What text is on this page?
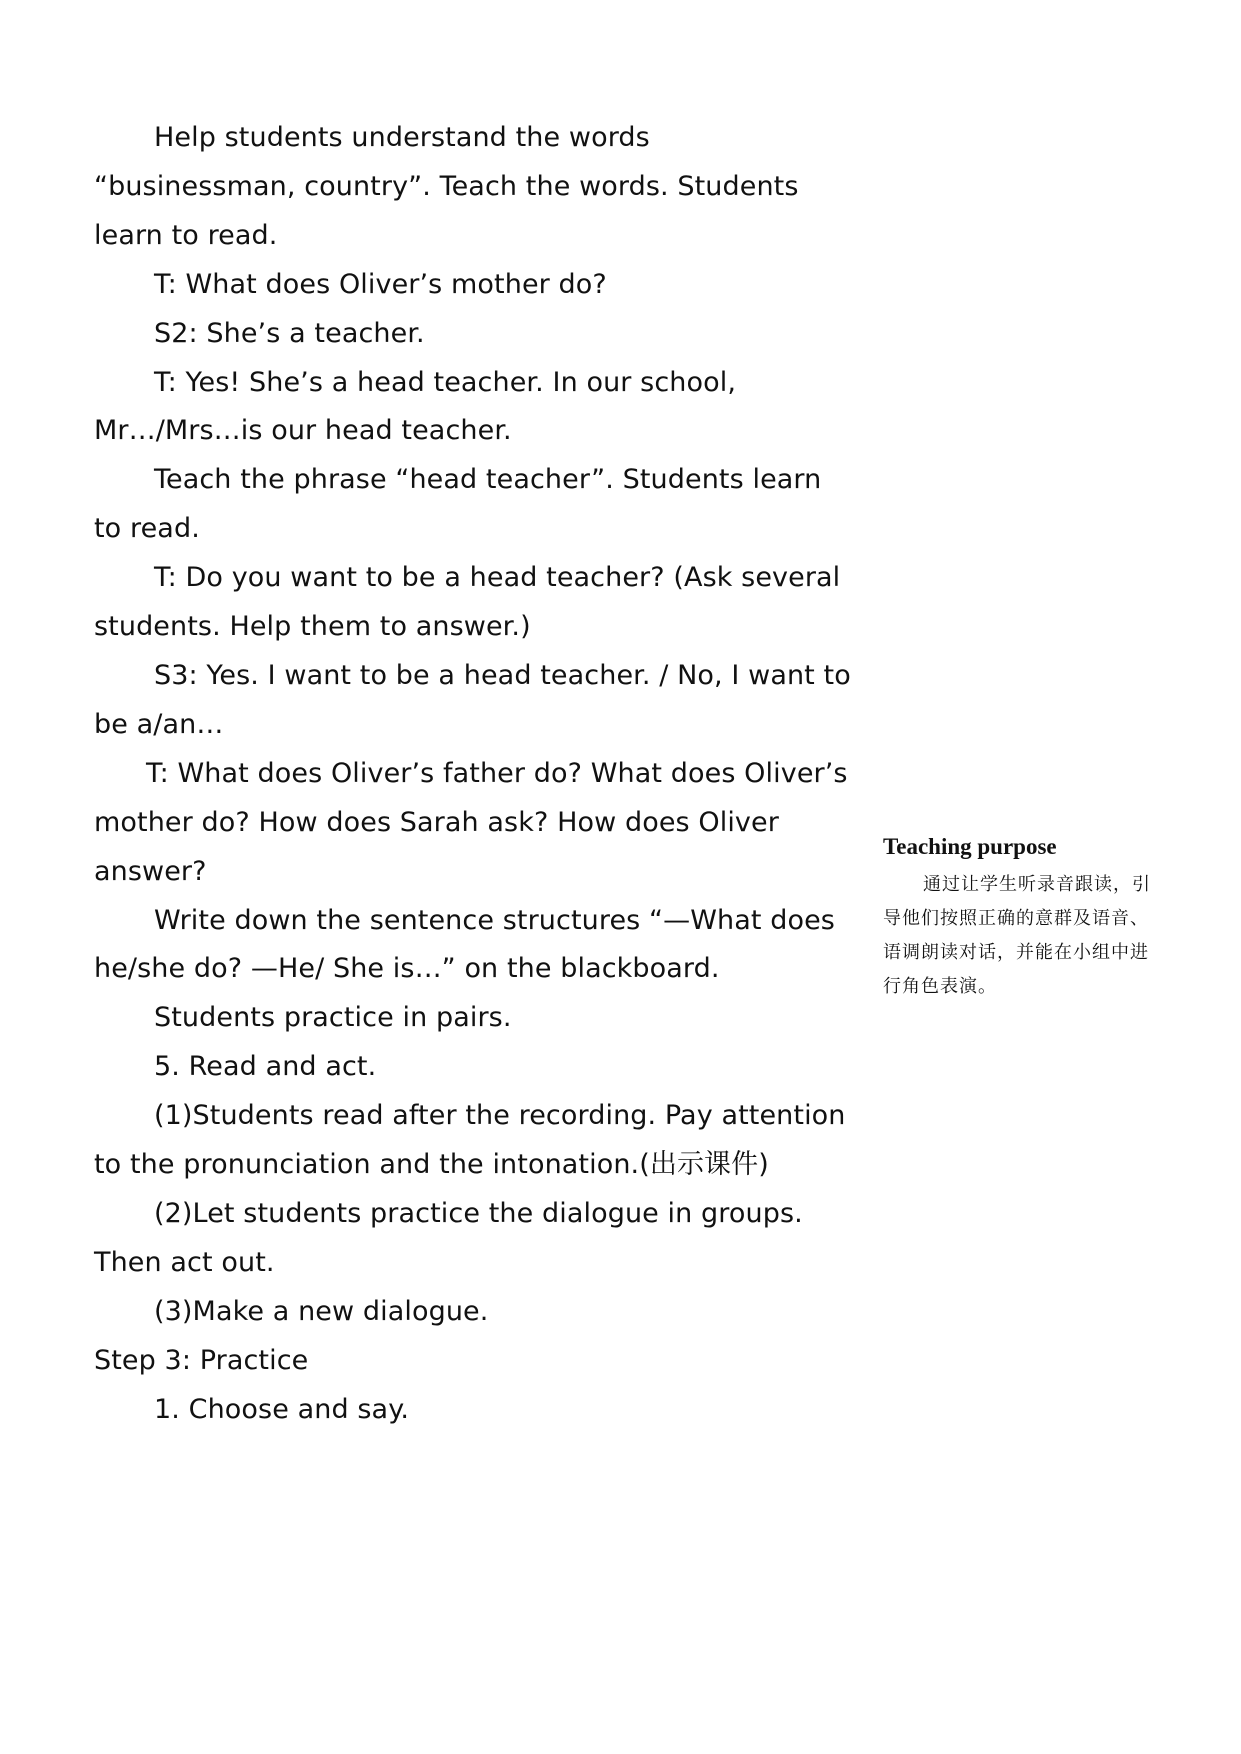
Help students understand the words “businessman, country”. Teach the words. Students learn to read.

T: What does Oliver’s mother do?

S2: She’s a teacher.

T: Yes! She’s a head teacher. In our school, Mr…/Mrs…is our head teacher.

Teach the phrase “head teacher”. Students learn to read.

T: Do you want to be a head teacher? (Ask several students. Help them to answer.)

S3: Yes. I want to be a head teacher. / No, I want to be a/an…

T: What does Oliver’s father do? What does Oliver’s mother do? How does Sarah ask? How does Oliver answer?

Write down the sentence structures “—What does he/she do? —He/ She is…” on the blackboard.

Students practice in pairs.

5. Read and act.

(1)Students read after the recording. Pay attention to the pronunciation and the intonation.(出示课件)

(2)Let students practice the dialogue in groups. Then act out.

(3)Make a new dialogue.

Step 3: Practice

1. Choose and say.

Teaching purpose

通过让学生听录音跟读，引导他们按照正确的意群及语音、语调朗读对话，并能在小组中进行角色表演。
